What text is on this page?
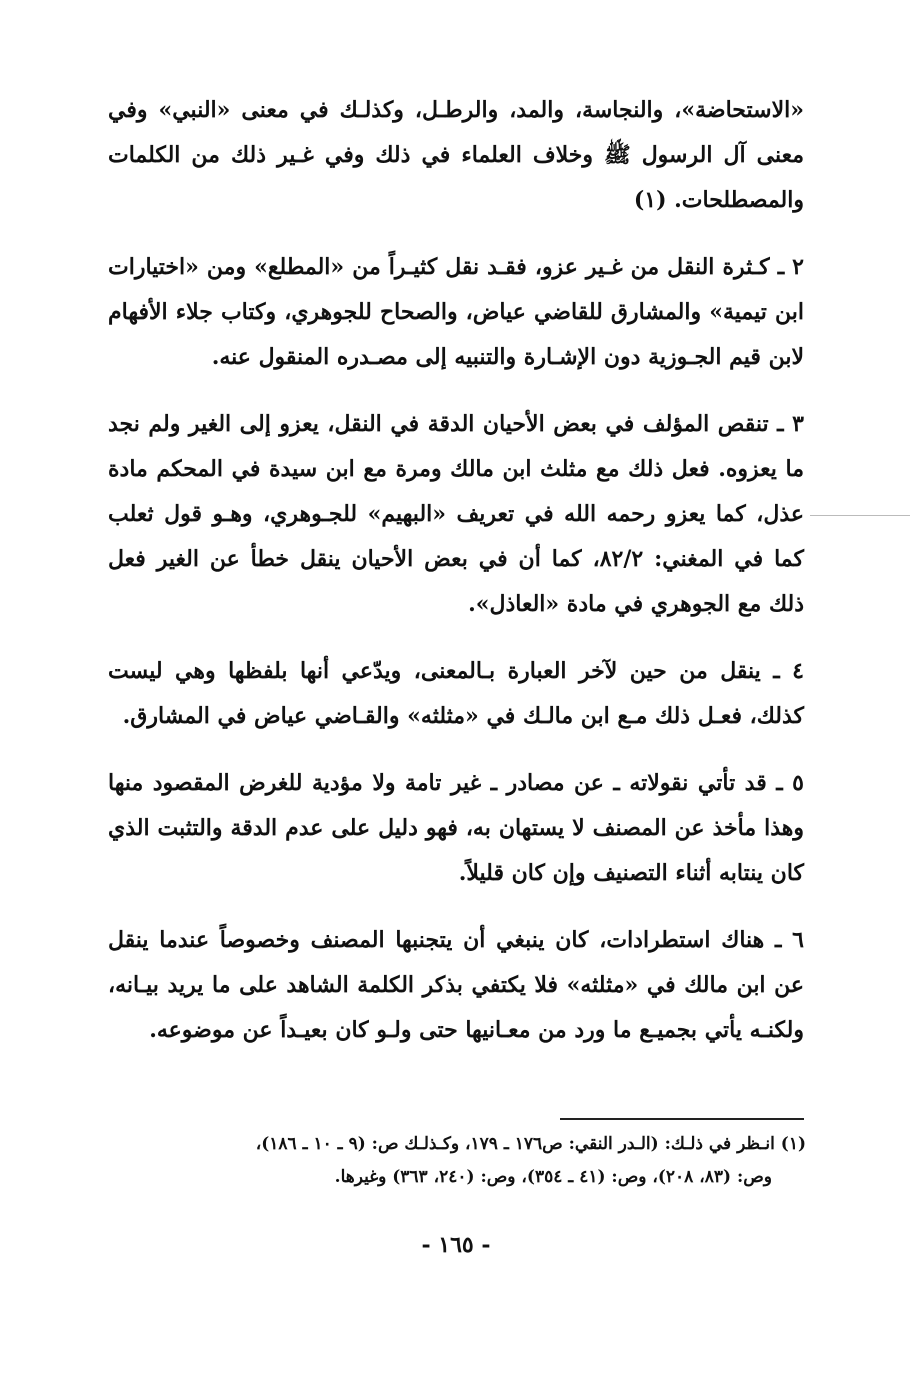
«الاستحاضة»، والنجاسة، والمد، والرطـل، وكذلـك في معنى «النبي» وفي معنى آل الرسول ﷺ وخلاف العلماء في ذلك وفي غـير ذلك من الكلمات والمصطلحات. (١)

٢ ـ كـثرة النقل من غـير عزو، فقـد نقل كثيـراً من «المطلع» ومن «اختيارات ابن تيمية» والمشارق للقاضي عياض، والصحاح للجوهري، وكتاب جلاء الأفهام لابن قيم الجـوزية دون الإشـارة والتنبيه إلى مصـدره المنقول عنه.

٣ ـ تنقص المؤلف في بعض الأحيان الدقة في النقل، يعزو إلى الغير ولم نجد ما يعزوه. فعل ذلك مع مثلث ابن مالك ومرة مع ابن سيدة في المحكم مادة عذل، كما يعزو رحمه الله في تعريف «البهيم» للجـوهري، وهـو قول ثعلب كما في المغني: ٨٢/٢، كما أن في بعض الأحيان ينقل خطأ عن الغير فعل ذلك مع الجوهري في مادة «العاذل».

٤ ـ ينقل من حين لآخر العبارة بـالمعنى، ويدّعي أنها بلفظها وهي ليست كذلك، فعـل ذلك مـع ابن مالـك في «مثلثه» والقـاضي عياض في المشارق.

٥ ـ قد تأتي نقولاته ـ عن مصادر ـ غير تامة ولا مؤدية للغرض المقصود منها وهذا مأخذ عن المصنف لا يستهان به، فهو دليل على عدم الدقة والتثبت الذي كان ينتابه أثناء التصنيف وإن كان قليلاً.

٦ ـ هناك استطرادات، كان ينبغي أن يتجنبها المصنف وخصوصاً عندما ينقل عن ابن مالك في «مثلثه» فلا يكتفي بذكر الكلمة الشاهد على ما يريد بيـانه، ولكنـه يأتي بجميـع ما ورد من معـانيها حتى ولـو كان بعيـداً عن موضوعه.

(١) انـظر في ذلـك: (الـدر النقي: ص١٧٦ ـ ١٧٩، وكـذلـك ص: (٩ ـ ١٠ ـ ١٨٦)،
وص: (٨٣، ٢٠٨)، وص: (٤١ ـ ٣٥٤)، وص: (٢٤٠، ٣٦٣) وغيرها.
- ١٦٥ -
